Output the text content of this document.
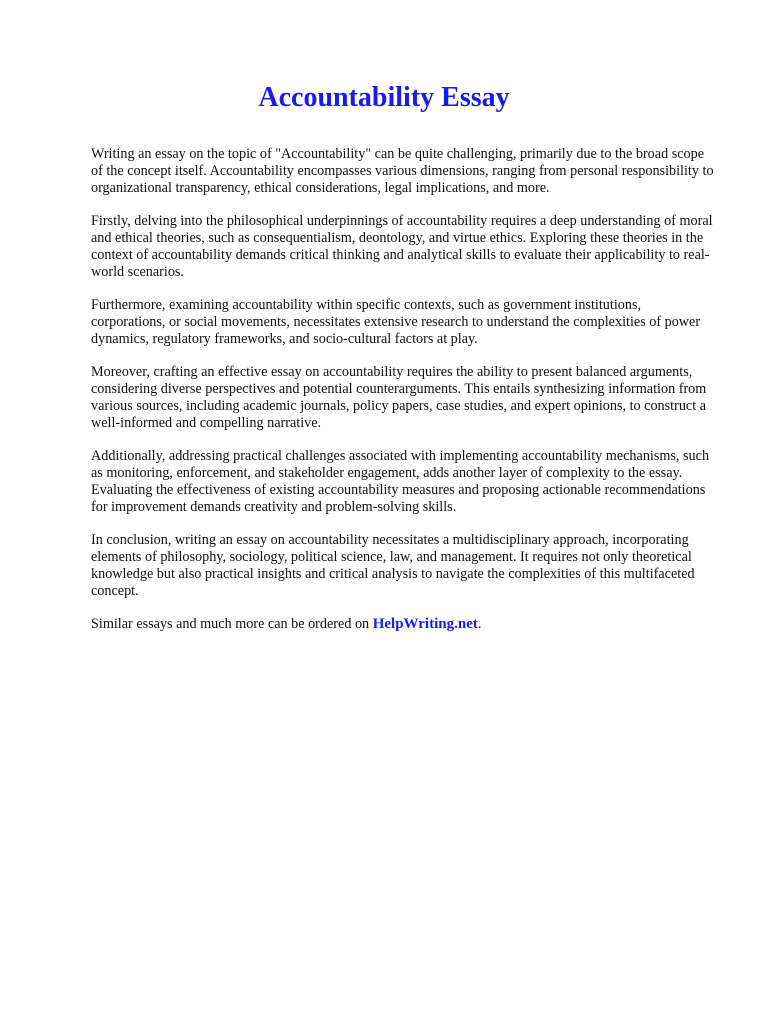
Accountability Essay

Writing an essay on the topic of "Accountability" can be quite challenging, primarily due to the broad scope of the concept itself. Accountability encompasses various dimensions, ranging from personal responsibility to organizational transparency, ethical considerations, legal implications, and more.

Firstly, delving into the philosophical underpinnings of accountability requires a deep understanding of moral and ethical theories, such as consequentialism, deontology, and virtue ethics. Exploring these theories in the context of accountability demands critical thinking and analytical skills to evaluate their applicability to real-world scenarios.

Furthermore, examining accountability within specific contexts, such as government institutions, corporations, or social movements, necessitates extensive research to understand the complexities of power dynamics, regulatory frameworks, and socio-cultural factors at play.

Moreover, crafting an effective essay on accountability requires the ability to present balanced arguments, considering diverse perspectives and potential counterarguments. This entails synthesizing information from various sources, including academic journals, policy papers, case studies, and expert opinions, to construct a well-informed and compelling narrative.

Additionally, addressing practical challenges associated with implementing accountability mechanisms, such as monitoring, enforcement, and stakeholder engagement, adds another layer of complexity to the essay. Evaluating the effectiveness of existing accountability measures and proposing actionable recommendations for improvement demands creativity and problem-solving skills.

In conclusion, writing an essay on accountability necessitates a multidisciplinary approach, incorporating elements of philosophy, sociology, political science, law, and management. It requires not only theoretical knowledge but also practical insights and critical analysis to navigate the complexities of this multifaceted concept.

Similar essays and much more can be ordered on HelpWriting.net.
